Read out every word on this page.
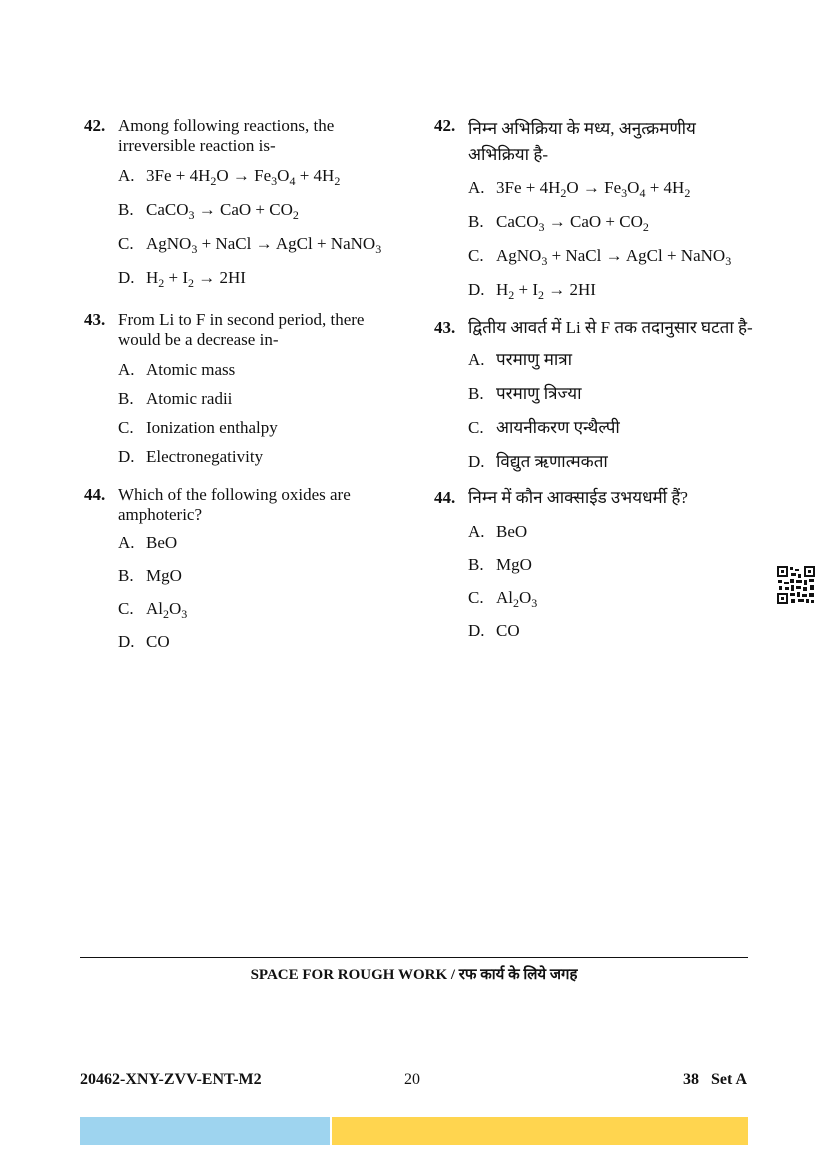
42. Among following reactions, the irreversible reaction is-
A. $3Fe + 4H_2O \to Fe_3O_4 + 4H_2$
B. CaCO$_3$ → CaO + $CO_2$
C. AgNO$_3$ + NaCl → AgCl + NaNO$_3$
D. $H_2 + I_2 \to 2HI$
43. From Li to F in second period, there would be a decrease in-
A. Atomic mass
B. Atomic radii
C. Ionization enthalpy
D. Electronegativity
44. Which of the following oxides are amphoteric?
A. BeO
B. MgO
C. $Al_2O_3$
D. CO
42. निम्न अभिक्रिया के मध्य, अनुत्क्रमणीय अभिक्रिया है-
A. $3Fe + 4H_2O \to Fe_3O_4 + 4H_2$
B. CaCO$_3$ → CaO + $CO_2$
C. AgNO$_3$ + NaCl → AgCl + NaNO$_3$
D. $H_2 + I_2 \to 2HI$
43. द्वितीय आवर्त में Li से F तक तदानुसार घटता है-
A. परमाणु मात्रा
B. परमाणु त्रिज्या
C. आयनीकरण एन्थैल्पी
D. विद्युत ऋणात्मकता
44. निम्न में कौन आक्साईड उभयधर्मी हैं?
A. BeO
B. MgO
C. $Al_2O_3$
D. CO
SPACE FOR ROUGH WORK / रफ कार्य के लिये जगह
20462-XNY-ZVV-ENT-M2	20	38   Set A
